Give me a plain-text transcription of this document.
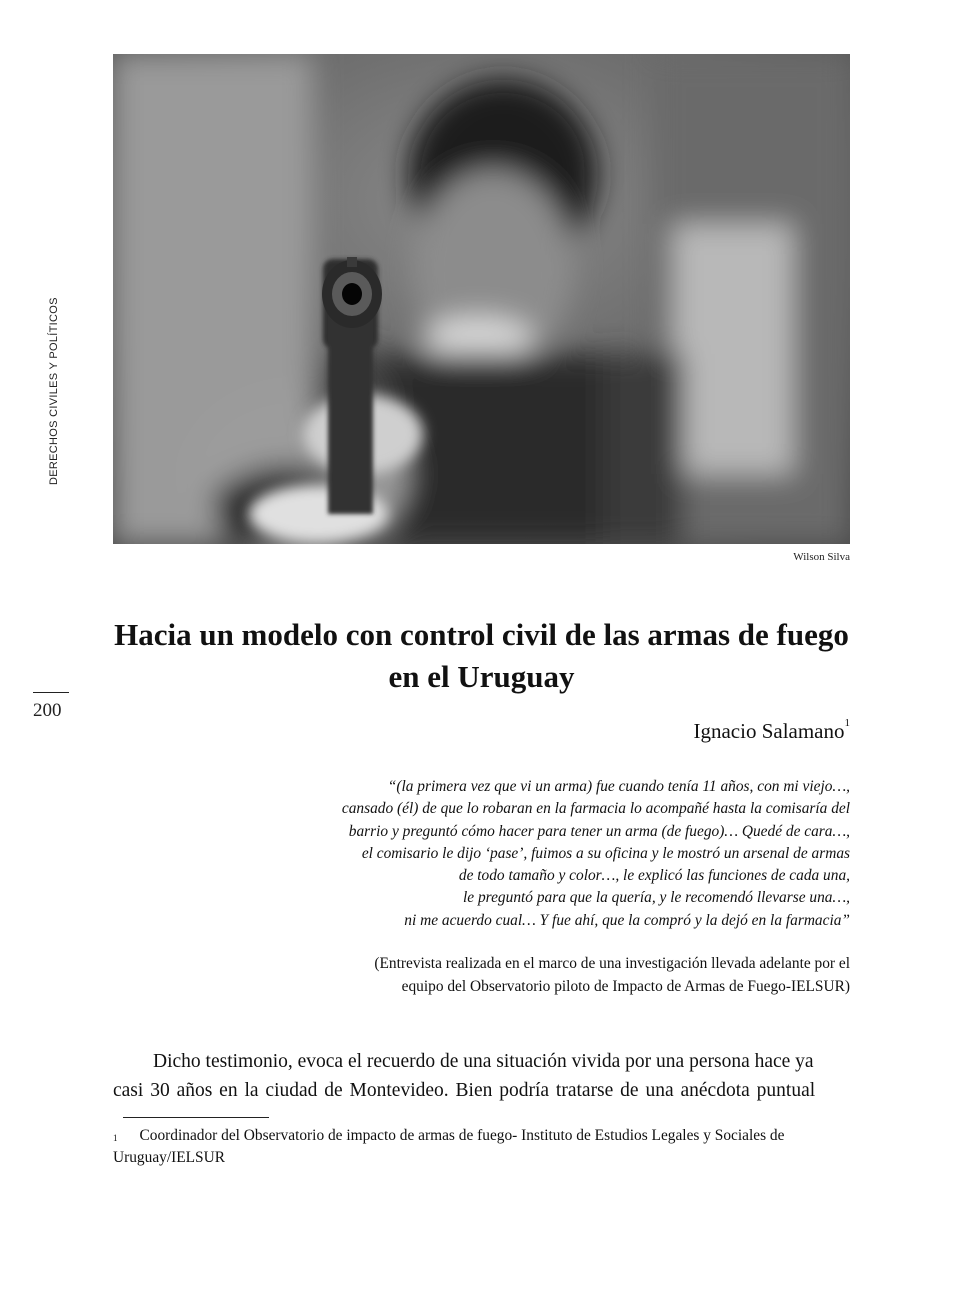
DERECHOS CIVILES Y POLÍTICOS
200
Wilson Silva
Hacia un modelo con control civil de las armas de fuego en el Uruguay
Ignacio Salamano$^1$
“(la primera vez que vi un arma) fue cuando tenía 11 años, con mi viejo…,
cansado (él) de que lo robaran en la farmacia lo acompañé hasta la comisaría del
barrio y preguntó cómo hacer para tener un arma (de fuego)… Quedé de cara…,
el comisario le dijo ‘pase’, fuimos a su oficina y le mostró un arsenal de armas
de todo tamaño y color…, le explicó las funciones de cada una,
le preguntó para que la quería, y le recomendó llevarse una…,
ni me acuerdo cual… Y fue ahí, que la compró y la dejó en la farmacia”
(Entrevista realizada en el marco de una investigación llevada adelante por el
equipo del Observatorio piloto de Impacto de Armas de Fuego-IELSUR)
Dicho testimonio, evoca el recuerdo de una situación vivida por una persona hace ya
casi 30 años en la ciudad de Montevideo. Bien podría tratarse de una anécdota puntual
$^1$ Coordinador del Observatorio de impacto de armas de fuego- Instituto de Estudios Legales y Sociales de Uruguay/IELSUR
